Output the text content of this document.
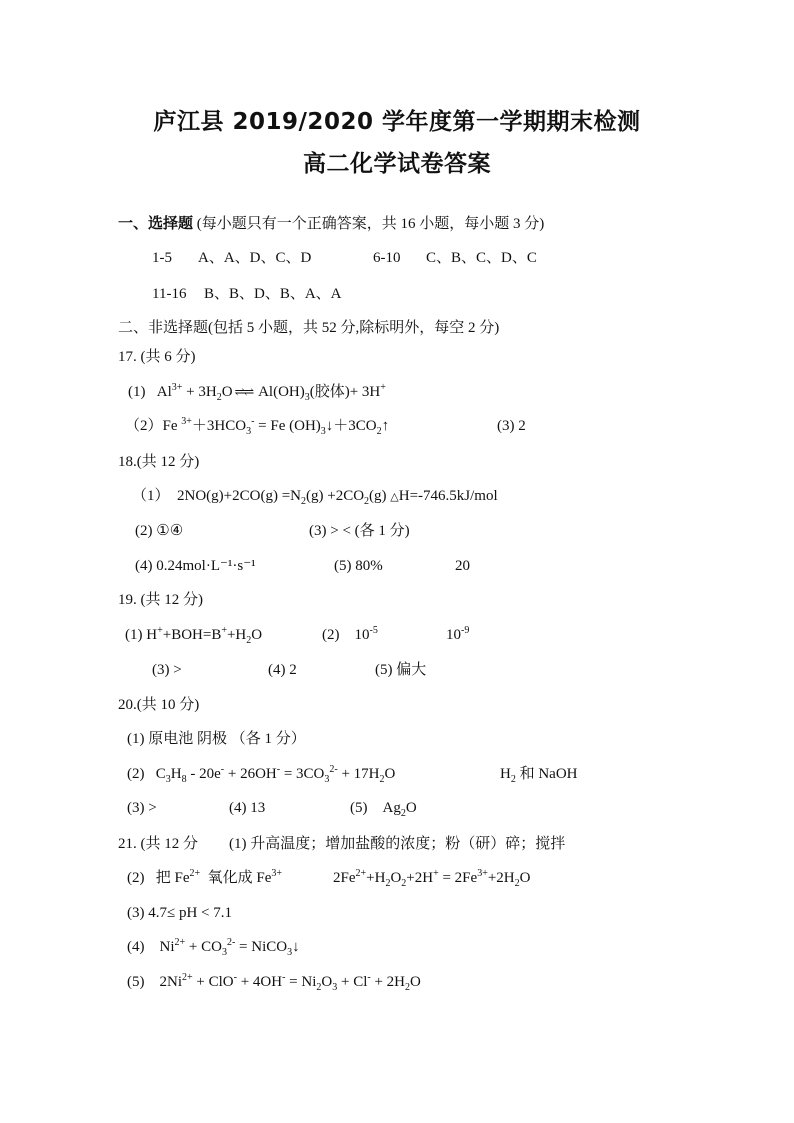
庐江县 2019/2020 学年度第一学期期末检测
高二化学试卷答案
一、选择题 (每小题只有一个正确答案，共 16 小题，每小题 3 分)
1-5 A、A、D、C、D	6-10 C、B、C、D、C
11-16 B、B、D、B、A、A
二、非选择题(包括 5 小题，共 52 分,除标明外，每空 2 分)
17. (共 6 分)
(1)   $Al^{3+} + 3H_2O$ ⇌⇌ $Al(OH)_3$(胶体)+ 3H+
（2）Fe $^{3+}+3HCO_3^- = Fe$ $(OH)_3↓+3CO_2↑$	(3) 2
18.(共 12 分)
（1）  $2NO(g)+2CO(g) =N_2(g) +2CO_2(g)$ △H=-746.5kJ/mol
(2) ①④	(3) > < (各 1 分)
(4) 0.24mol·L⁻¹·s⁻¹	(5) 80%	20
19. (共 12 分)
(1) $H^++BOH=B^++H_2O$	(2)    $10^{-5}$	$10^{-9}$
(3) >	(4) 2	(5) 偏大
20.(共 10 分)
(1) 原电池 阴极 （各 1 分）
(2)   $C_3H_8 - 20e^- + 26OH^- = 3CO_3^{2-} + 17H_2O$	$H_2$ 和 NaOH
(3) >	(4) 13	(5)    $Ag_2O$
21. (共 12 分 (1) 升高温度；增加盐酸的浓度；粉（研）碎；搅拌
(2) 把 $Fe^{2+}$ 氧化成 $Fe^{3+}$	$2Fe^{2+}+H_2O_2+2H^+ = 2Fe^{3+}+2H_2O$
(3) 4.7≤ pH < 7.1
(4)    $Ni^{2+} + CO_3^{2-}$ = NiCO$_3$↓
(5)    $2Ni^{2+} + ClO^- + 4OH^- = Ni_2O_3 + Cl^- + 2H_2O$
